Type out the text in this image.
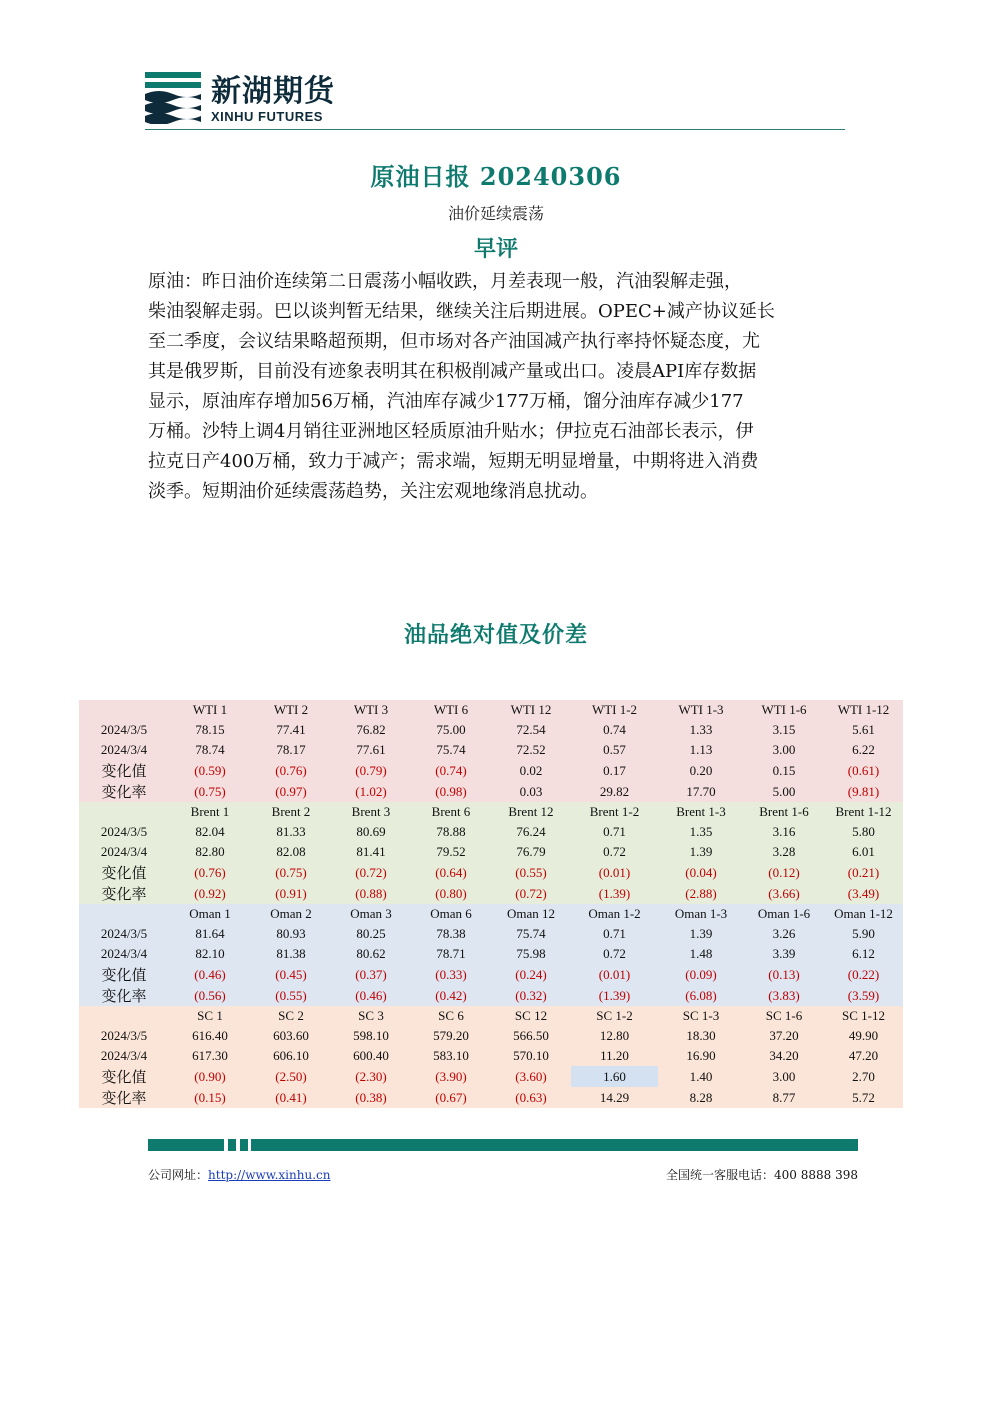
新湖期货
XINHU FUTURES
原油日报 20240306
油价延续震荡
早评
原油：昨日油价连续第二日震荡小幅收跌，月差表现一般，汽油裂解走强，
柴油裂解走弱。巴以谈判暂无结果，继续关注后期进展。OPEC+减产协议延长
至二季度，会议结果略超预期，但市场对各产油国减产执行率持怀疑态度，尤
其是俄罗斯，目前没有迹象表明其在积极削减产量或出口。凌晨API库存数据
显示，原油库存增加56万桶，汽油库存减少177万桶，馏分油库存减少177
万桶。沙特上调4月销往亚洲地区轻质原油升贴水；伊拉克石油部长表示，伊
拉克日产400万桶，致力于减产；需求端，短期无明显增量，中期将进入消费
淡季。短期油价延续震荡趋势，关注宏观地缘消息扰动。
油品绝对值及价差
	WTI 1	WTI 2	WTI 3	WTI 6	WTI 12	WTI 1-2	WTI 1-3	WTI 1-6	WTI 1-12
2024/3/5	78.15	77.41	76.82	75.00	72.54	0.74	1.33	3.15	5.61
2024/3/4	78.74	78.17	77.61	75.74	72.52	0.57	1.13	3.00	6.22
变化值	(0.59)	(0.76)	(0.79)	(0.74)	0.02	0.17	0.20	0.15	(0.61)
变化率	(0.75)	(0.97)	(1.02)	(0.98)	0.03	29.82	17.70	5.00	(9.81)
	Brent 1	Brent 2	Brent 3	Brent 6	Brent 12	Brent 1-2	Brent 1-3	Brent 1-6	Brent 1-12
2024/3/5	82.04	81.33	80.69	78.88	76.24	0.71	1.35	3.16	5.80
2024/3/4	82.80	82.08	81.41	79.52	76.79	0.72	1.39	3.28	6.01
变化值	(0.76)	(0.75)	(0.72)	(0.64)	(0.55)	(0.01)	(0.04)	(0.12)	(0.21)
变化率	(0.92)	(0.91)	(0.88)	(0.80)	(0.72)	(1.39)	(2.88)	(3.66)	(3.49)
	Oman 1	Oman 2	Oman 3	Oman 6	Oman 12	Oman 1-2	Oman 1-3	Oman 1-6	Oman 1-12
2024/3/5	81.64	80.93	80.25	78.38	75.74	0.71	1.39	3.26	5.90
2024/3/4	82.10	81.38	80.62	78.71	75.98	0.72	1.48	3.39	6.12
变化值	(0.46)	(0.45)	(0.37)	(0.33)	(0.24)	(0.01)	(0.09)	(0.13)	(0.22)
变化率	(0.56)	(0.55)	(0.46)	(0.42)	(0.32)	(1.39)	(6.08)	(3.83)	(3.59)
	SC 1	SC 2	SC 3	SC 6	SC 12	SC 1-2	SC 1-3	SC 1-6	SC 1-12
2024/3/5	616.40	603.60	598.10	579.20	566.50	12.80	18.30	37.20	49.90
2024/3/4	617.30	606.10	600.40	583.10	570.10	11.20	16.90	34.20	47.20
变化值	(0.90)	(2.50)	(2.30)	(3.90)	(3.60)	1.60	1.40	3.00	2.70
变化率	(0.15)	(0.41)	(0.38)	(0.67)	(0.63)	14.29	8.28	8.77	5.72
公司网址：http://www.xinhu.cn	全国统一客服电话：400 8888 398
